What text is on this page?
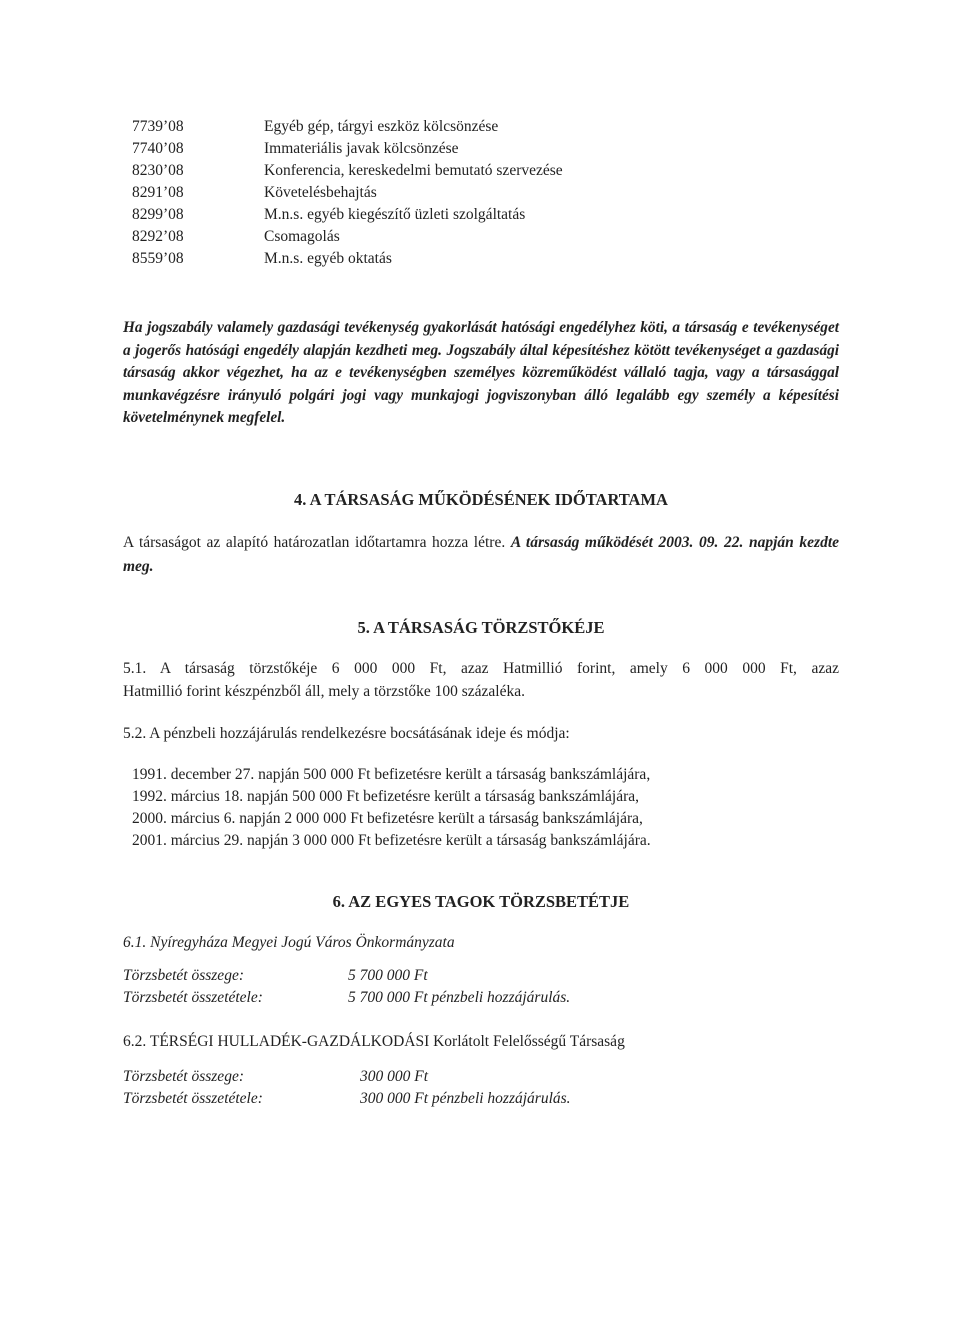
7739’08	Egyéb gép, tárgyi eszköz kölcsönzése
7740’08	Immateriális javak kölcsönzése
8230’08	Konferencia, kereskedelmi bemutató szervezése
8291’08	Követelésbehajtás
8299’08	M.n.s. egyéb kiegészítő üzleti szolgáltatás
8292’08	Csomagolás
8559’08	M.n.s. egyéb oktatás
Ha jogszabály valamely gazdasági tevékenység gyakorlását hatósági engedélyhez köti, a társaság e tevékenységet a jogerős hatósági engedély alapján kezdheti meg. Jogszabály által képesítéshez kötött tevékenységet a gazdasági társaság akkor végezhet, ha az e tevékenységben személyes közreműködést vállaló tagja, vagy a társasággal munkavégzésre irányuló polgári jogi vagy munkajogi jogviszonyban álló legalább egy személy a képesítési követelménynek megfelel.
4. A TÁRSASÁG MŰKÖDÉSÉNEK IDŐTARTAMA
A társaságot az alapító határozatlan időtartamra hozza létre. A társaság működését 2003. 09. 22. napján kezdte meg.
5. A TÁRSASÁG TÖRZSTŐKÉJE
5.1. A társaság törzstőkéje 6 000 000 Ft, azaz Hatmillió forint, amely 6 000 000 Ft, azaz
Hatmillió forint készpénzből áll, mely a törzstőke 100 százaléka.
5.2. A pénzbeli hozzájárulás rendelkezésre bocsátásának ideje és módja:
1991. december 27. napján 500 000 Ft befizetésre került a társaság bankszámlájára,
1992. március 18. napján 500 000 Ft befizetésre került a társaság bankszámlájára,
2000. március 6. napján 2 000 000 Ft befizetésre került a társaság bankszámlájára,
2001. március 29. napján 3 000 000 Ft befizetésre került a társaság bankszámlájára.
6. AZ EGYES TAGOK TÖRZSBETÉTJE
6.1. Nyíregyháza Megyei Jogú Város Önkormányzata
Törzsbetét összege:	5 700 000 Ft
Törzsbetét összetétele:	5 700 000 Ft pénzbeli hozzájárulás.
6.2. TÉRSÉGI HULLADÉK-GAZDÁLKODÁSI Korlátolt Felelősségű Társaság
Törzsbetét összege:	300 000 Ft
Törzsbetét összetétele:	300 000 Ft pénzbeli hozzájárulás.
